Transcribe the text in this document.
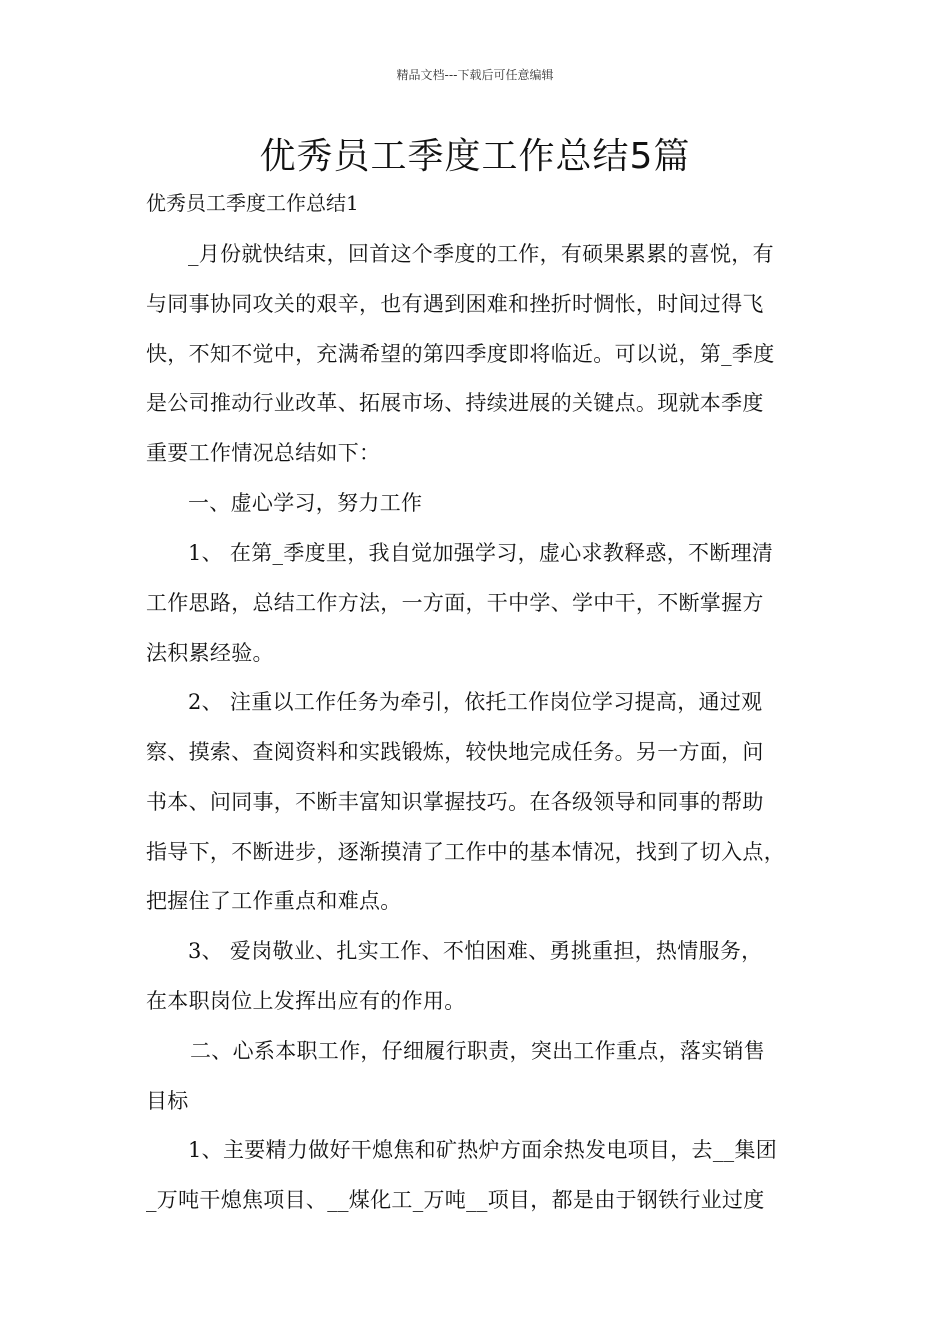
精品文档---下载后可任意编辑
优秀员工季度工作总结5篇
优秀员工季度工作总结1
_月份就快结束，回首这个季度的工作，有硕果累累的喜悦，有
与同事协同攻关的艰辛，也有遇到困难和挫折时惆怅，时间过得飞
快，不知不觉中，充满希望的第四季度即将临近。可以说，第_季度
是公司推动行业改革、拓展市场、持续进展的关键点。现就本季度
重要工作情况总结如下：
一、虚心学习，努力工作
1、 在第_季度里，我自觉加强学习，虚心求教释惑，不断理清
工作思路，总结工作方法，一方面，干中学、学中干，不断掌握方
法积累经验。
2、 注重以工作任务为牵引，依托工作岗位学习提高，通过观
察、摸索、查阅资料和实践锻炼，较快地完成任务。另一方面，问
书本、问同事，不断丰富知识掌握技巧。在各级领导和同事的帮助
指导下，不断进步，逐渐摸清了工作中的基本情况，找到了切入点，
把握住了工作重点和难点。
3、 爱岗敬业、扎实工作、不怕困难、勇挑重担，热情服务，
在本职岗位上发挥出应有的作用。
二、心系本职工作，仔细履行职责，突出工作重点，落实销售
目标
1、主要精力做好干熄焦和矿热炉方面余热发电项目，去__集团
_万吨干熄焦项目、__煤化工_万吨__项目，都是由于钢铁行业过度
